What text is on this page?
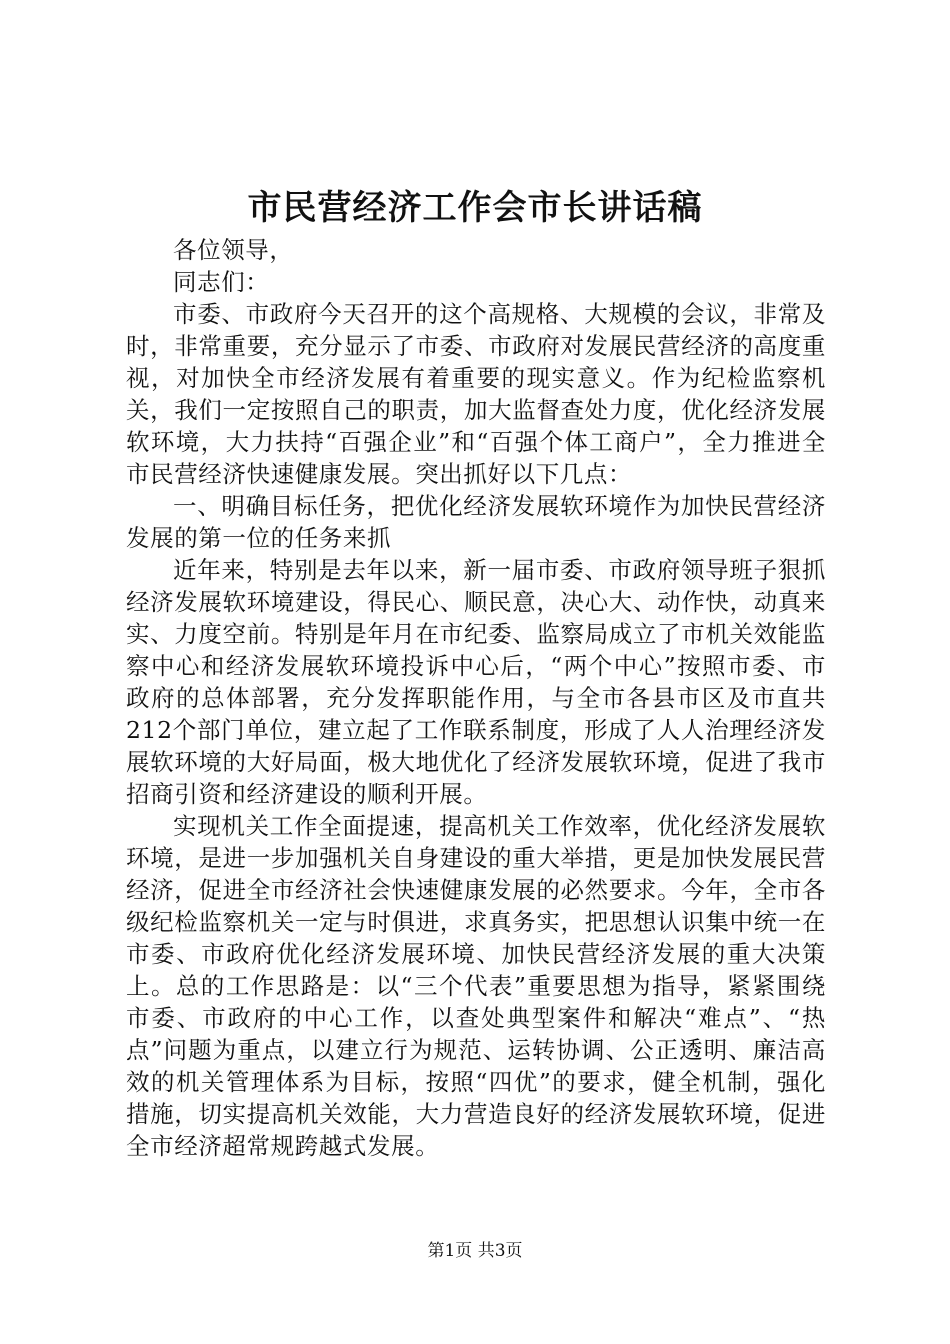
市民营经济工作会市长讲话稿

各位领导，

同志们：

市委、市政府今天召开的这个高规格、大规模的会议，非常及时，非常重要，充分显示了市委、市政府对发展民营经济的高度重视，对加快全市经济发展有着重要的现实意义。作为纪检监察机关，我们一定按照自己的职责，加大监督查处力度，优化经济发展软环境，大力扶持“百强企业”和“百强个体工商户”，全力推进全市民营经济快速健康发展。突出抓好以下几点：

一、明确目标任务，把优化经济发展软环境作为加快民营经济发展的第一位的任务来抓

近年来，特别是去年以来，新一届市委、市政府领导班子狠抓经济发展软环境建设，得民心、顺民意，决心大、动作快，动真来实、力度空前。特别是年月在市纪委、监察局成立了市机关效能监察中心和经济发展软环境投诉中心后，“两个中心”按照市委、市政府的总体部署，充分发挥职能作用，与全市各县市区及市直共212个部门单位，建立起了工作联系制度，形成了人人治理经济发展软环境的大好局面，极大地优化了经济发展软环境，促进了我市招商引资和经济建设的顺利开展。

实现机关工作全面提速，提高机关工作效率，优化经济发展软环境，是进一步加强机关自身建设的重大举措，更是加快发展民营经济，促进全市经济社会快速健康发展的必然要求。今年，全市各级纪检监察机关一定与时俱进，求真务实，把思想认识集中统一在市委、市政府优化经济发展环境、加快民营经济发展的重大决策上。总的工作思路是：以“三个代表”重要思想为指导，紧紧围绕市委、市政府的中心工作，以查处典型案件和解决“难点”、“热点”问题为重点，以建立行为规范、运转协调、公正透明、廉洁高效的机关管理体系为目标，按照“四优”的要求，健全机制，强化措施，切实提高机关效能，大力营造良好的经济发展软环境，促进全市经济超常规跨越式发展。

第1页 共3页
